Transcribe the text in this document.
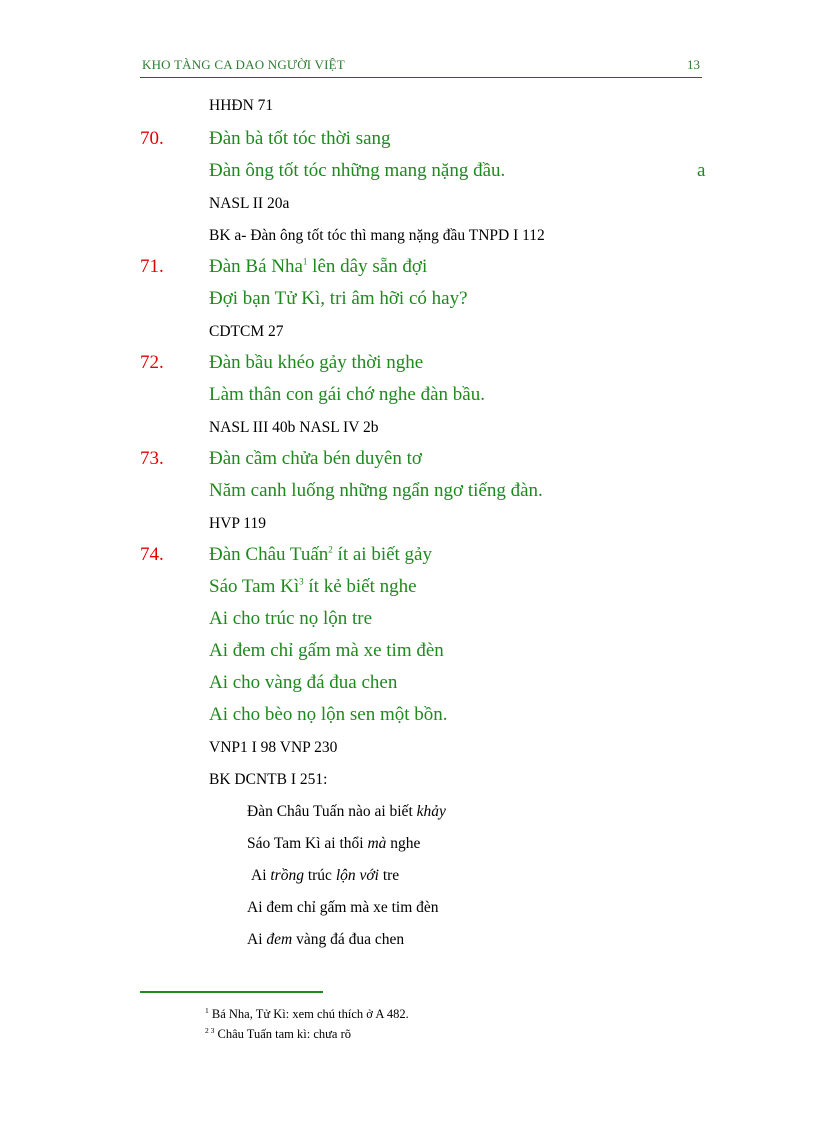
KHO TÀNG CA DAO NGƯỜI VIỆT	13
HHĐN 71
70. Đàn bà tốt tóc thời sang
Đàn ông tốt tóc những mang nặng đầu.	a
NASL II 20a
BK a- Đàn ông tốt tóc thì mang nặng đầu TNPD I 112
71. Đàn Bá Nha$^1$ lên dây sẵn đợi
Đợi bạn Tử Kì, tri âm hỡi có hay?
CDTCM 27
72. Đàn bầu khéo gảy thời nghe
Làm thân con gái chớ nghe đàn bầu.
NASL III 40b NASL IV 2b
73. Đàn cầm chửa bén duyên tơ
Năm canh luống những ngẩn ngơ tiếng đàn.
HVP 119
74. Đàn Châu Tuấn$^2$ ít ai biết gảy
Sáo Tam $Kì^3$ ít kẻ biết nghe
Ai cho trúc nọ lộn tre
Ai đem chỉ gấm mà xe tim đèn
Ai cho vàng đá đua chen
Ai cho bèo nọ lộn sen một bồn.
VNP1 I 98 VNP 230
BK DCNTB I 251:
Đàn Châu Tuấn nào ai biết khảy
Sáo Tam Kì ai thổi mà nghe
Ai trồng trúc lộn với tre
Ai đem chỉ gấm mà xe tim đèn
Ai đem vàng đá đua chen
$^1$ Bá Nha, Tử Kì: xem chú thích ở A 482.
$^{2 3}$ Châu Tuấn tam kì: chưa rõ
